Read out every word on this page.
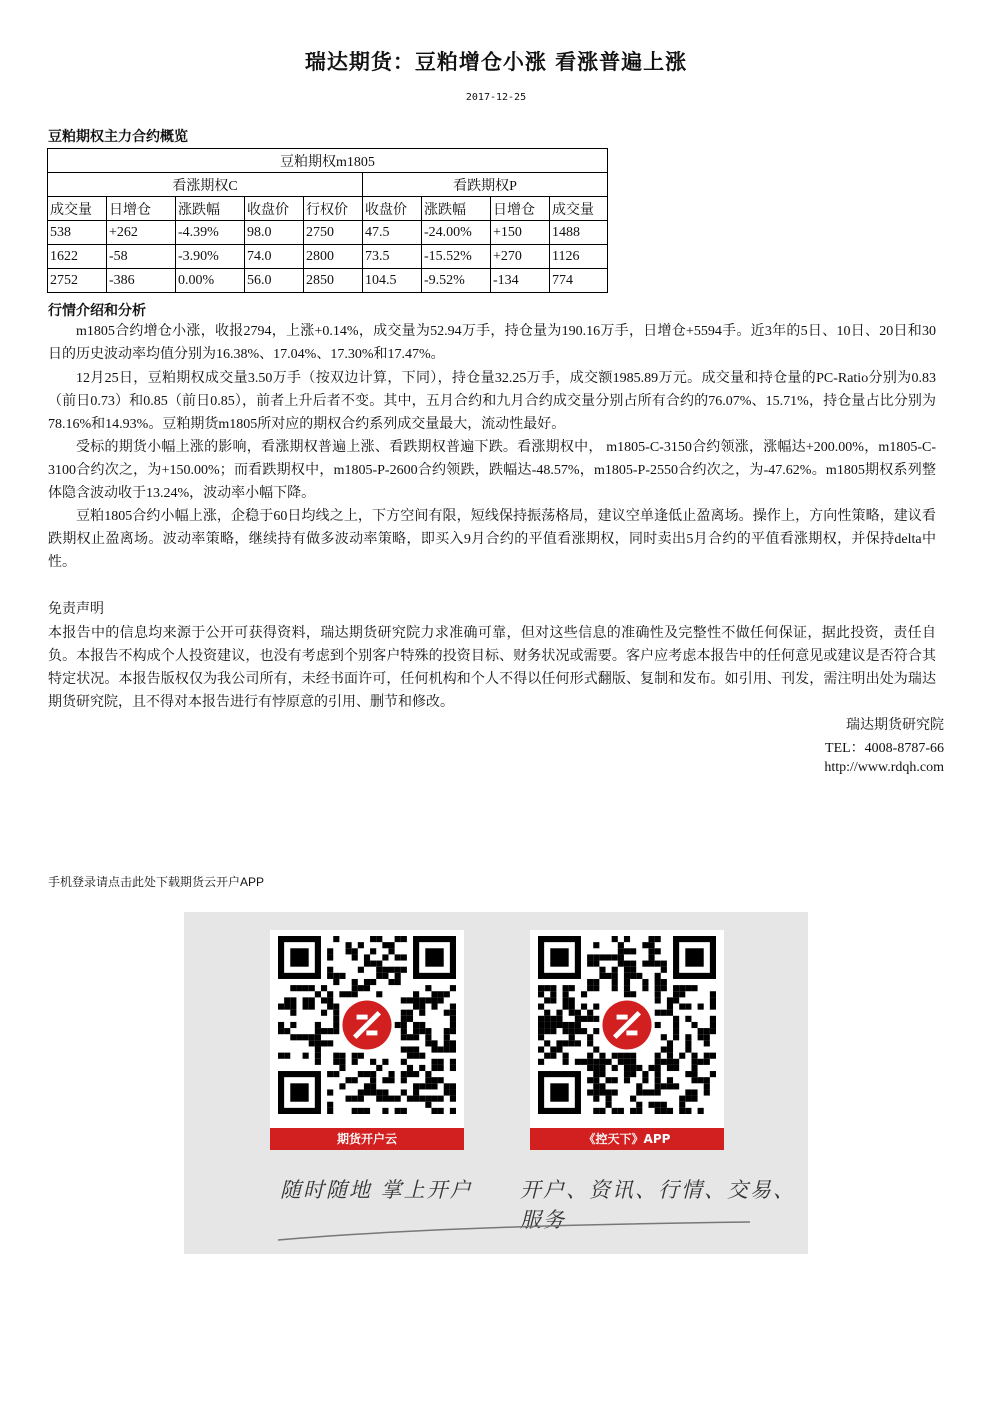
瑞达期货：豆粕增仓小涨 看涨普遍上涨
2017-12-25
豆粕期权主力合约概览
豆粕期权m1805								
看涨期权C					看跌期权P			
成交量	日增仓	涨跌幅	收盘价	行权价	收盘价	涨跌幅	日增仓	成交量
538	+262	-4.39%	98.0	2750	47.5	-24.00%	+150	1488
1622	-58	-3.90%	74.0	2800	73.5	-15.52%	+270	1126
2752	-386	0.00%	56.0	2850	104.5	-9.52%	-134	774
行情介绍和分析
m1805合约增仓小涨，收报2794，上涨+0.14%，成交量为52.94万手，持仓量为190.16万手，日增仓+5594手。近3年的5日、10日、20日和30日的历史波动率均值分别为16.38%、17.04%、17.30%和17.47%。
12月25日，豆粕期权成交量3.50万手（按双边计算，下同），持仓量32.25万手，成交额1985.89万元。成交量和持仓量的PC-Ratio分别为0.83（前日0.73）和0.85（前日0.85），前者上升后者不变。其中，五月合约和九月合约成交量分别占所有合约的76.07%、15.71%，持仓量占比分别为78.16%和14.93%。豆粕期货m1805所对应的期权合约系列成交量最大，流动性最好。
受标的期货小幅上涨的影响，看涨期权普遍上涨、看跌期权普遍下跌。看涨期权中， m1805-C-3150合约领涨，涨幅达+200.00%，m1805-C-3100合约次之，为+150.00%；而看跌期权中，m1805-P-2600合约领跌，跌幅达-48.57%，m1805-P-2550合约次之，为-47.62%。m1805期权系列整体隐含波动收于13.24%，波动率小幅下降。
豆粕1805合约小幅上涨，企稳于60日均线之上，下方空间有限，短线保持振荡格局，建议空单逢低止盈离场。操作上，方向性策略，建议看跌期权止盈离场。波动率策略，继续持有做多波动率策略，即买入9月合约的平值看涨期权，同时卖出5月合约的平值看涨期权，并保持delta中性。
免责声明
本报告中的信息均来源于公开可获得资料，瑞达期货研究院力求准确可靠，但对这些信息的准确性及完整性不做任何保证，据此投资，责任自负。本报告不构成个人投资建议，也没有考虑到个别客户特殊的投资目标、财务状况或需要。客户应考虑本报告中的任何意见或建议是否符合其特定状况。本报告版权仅为我公司所有，未经书面许可，任何机构和个人不得以任何形式翻版、复制和发布。如引用、刊发，需注明出处为瑞达期货研究院，且不得对本报告进行有悖原意的引用、删节和修改。
瑞达期货研究院
TEL：4008-8787-66
http://www.rdqh.com
手机登录请点击此处下载期货云开户APP
期货开户云	《控天下》APP
随时随地 掌上开户 开户、资讯、行情、交易、服务
